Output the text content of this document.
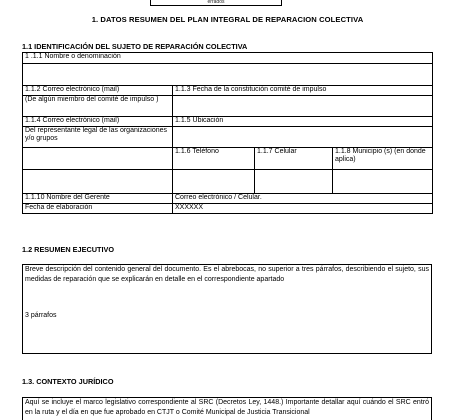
errados
1. DATOS RESUMEN DEL PLAN INTEGRAL DE REPARACION COLECTIVA
1.1 IDENTIFICACIÓN DEL SUJETO DE REPARACIÓN COLECTIVA
1 .1.1 Nombre o denominación			

1.1.2 Correo electrónico (mail)	1.1.3 Fecha de la constitución comité de impulso		
(De algún miembro del comité de impulso )			
1.1.4 Correo electrónico (mail)	1.1.5 Ubicación		
Del representante legal de las organizaciones y/o grupos			
	1.1.6 Teléfono	1.1.7 Celular	1.1.8 Municipio (s) (en donde aplica)

1.1.10 Nombre del Gerente	Correo electrónico / Celular.		
Fecha de elaboración	XXXXXX		
1.2 RESUMEN EJECUTIVO
Breve descripción del contenido general del documento. Es el abrebocas, no superior a tres párrafos, describiendo el sujeto, sus medidas de reparación que se explicarán en detalle en el correspondiente apartado
3 párrafos
1.3. CONTEXTO JURÍDICO
Aquí se incluye el marco legislativo correspondiente al SRC (Decretos Ley, 1448.) Importante detallar aquí cuándo el SRC entró en la ruta y el día en que fue aprobado en CTJT o Comité Municipal de Justicia Transicional
